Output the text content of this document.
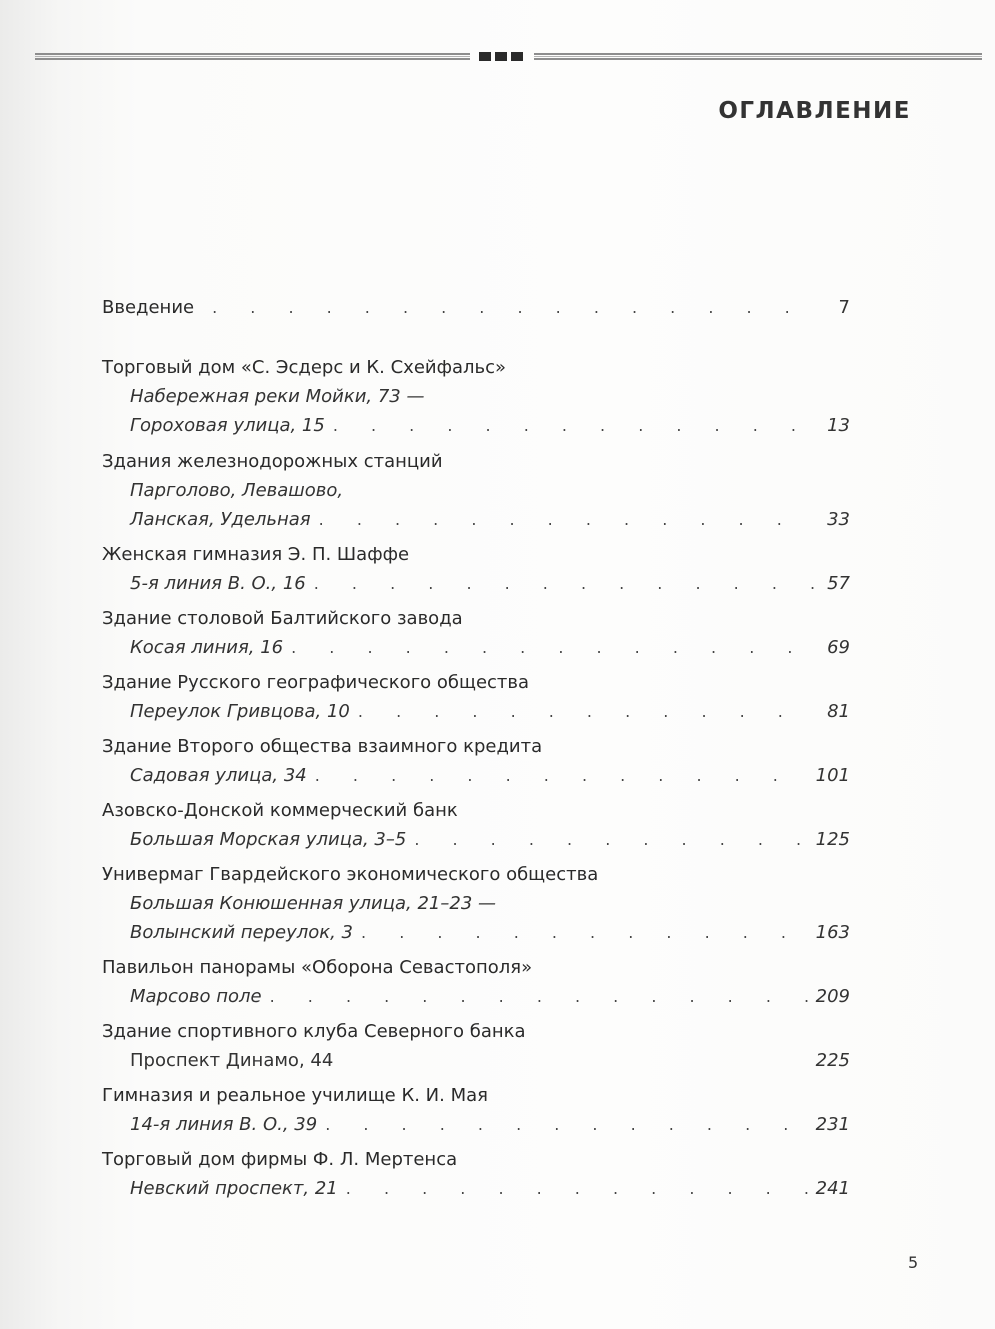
ОГЛАВЛЕНИЕ
Введение . . .	7
Торговый дом «С. Эсдерс и К. Схейфальс»
Набережная реки Мойки, 73 —
Гороховая улица, 15 . . .	13
Здания железнодорожных станций
Парголово, Левашово,
Ланская, Удельная . . .	33
Женская гимназия Э. П. Шаффе
5-я линия В. О., 16 . . .	57
Здание столовой Балтийского завода
Косая линия, 16 . . .	69
Здание Русского географического общества
Переулок Гривцова, 10 . . .	81
Здание Второго общества взаимного кредита
Садовая улица, 34 . . .	101
Азовско-Донской коммерческий банк
Большая Морская улица, 3–5 . . .	125
Универмаг Гвардейского экономического общества
Большая Конюшенная улица, 21–23 —
Волынский переулок, 3 . . .	163
Павильон панорамы «Оборона Севастополя»
Марсово поле . . .	209
Здание спортивного клуба Северного банка
Проспект Динамо, 44	225
Гимназия и реальное училище К. И. Мая
14-я линия В. О., 39 . . .	231
Торговый дом фирмы Ф. Л. Мертенса
Невский проспект, 21 . . .	241
5
